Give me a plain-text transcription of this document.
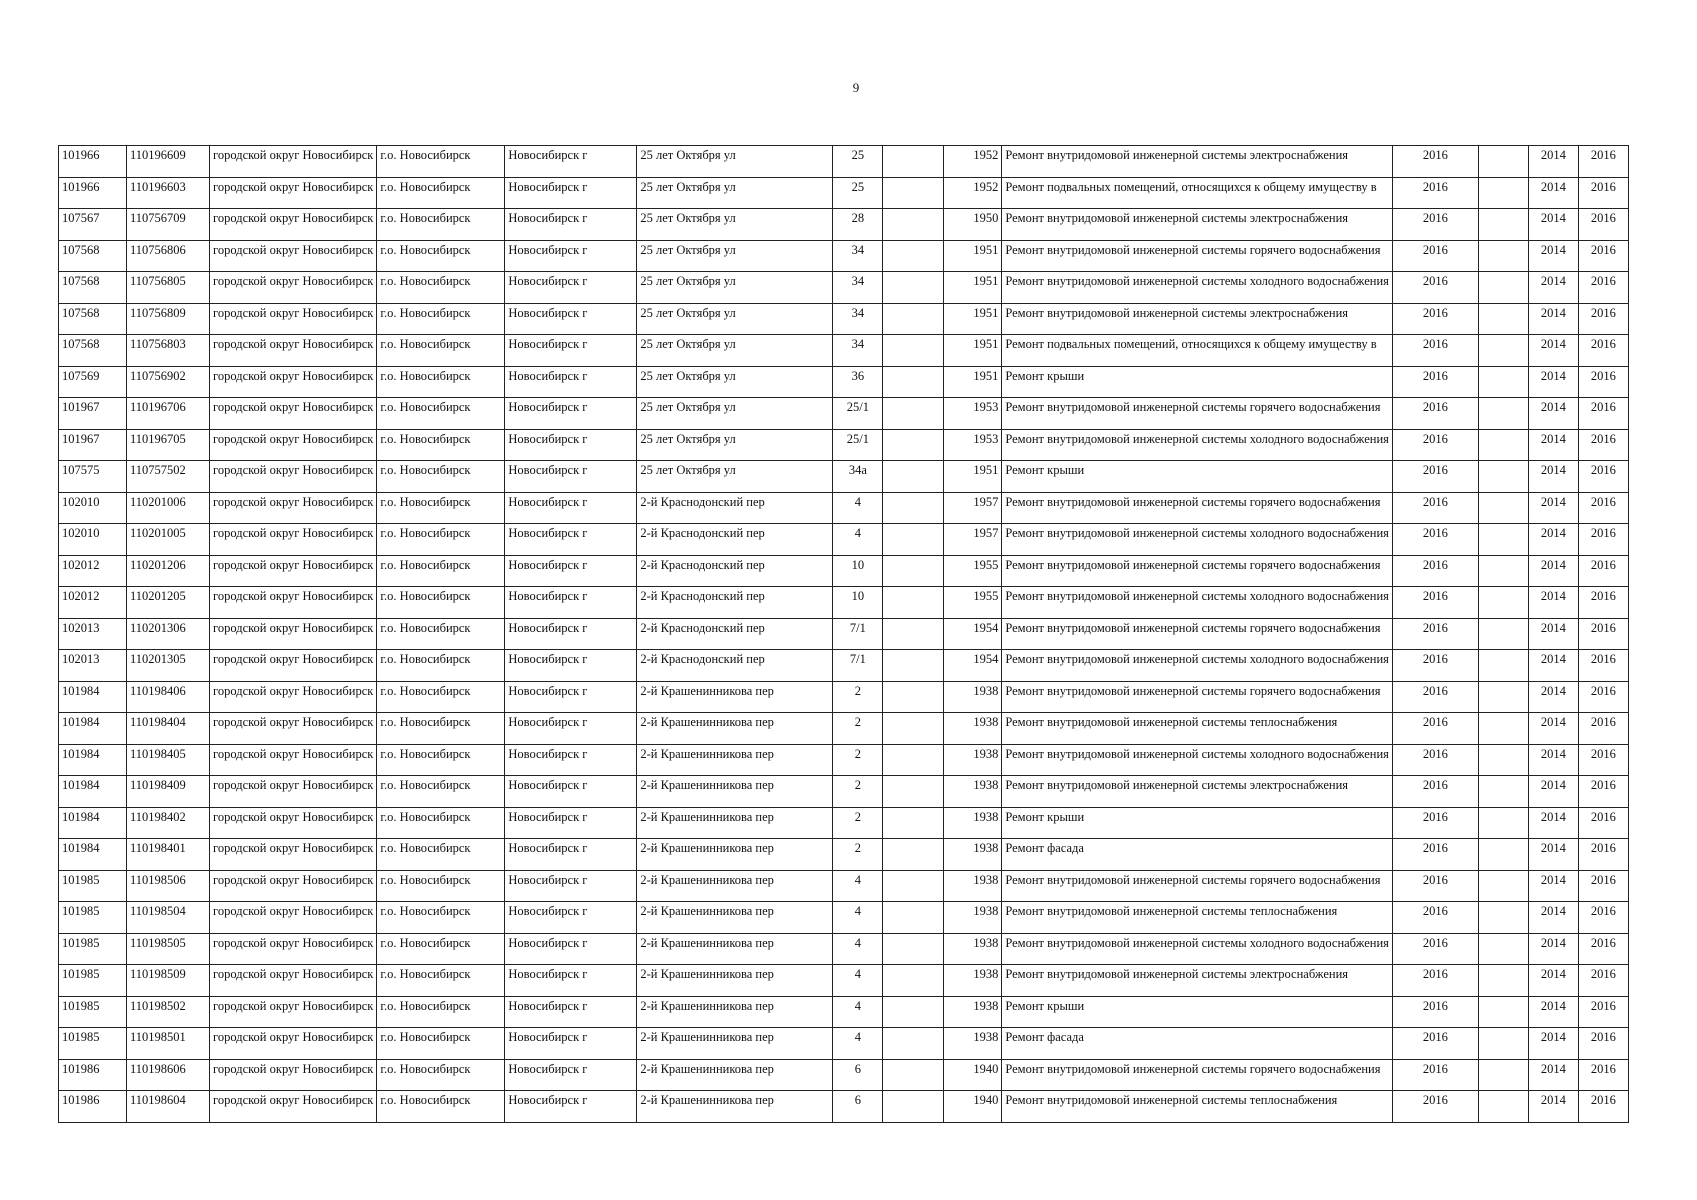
9
101966	110196609	городской округ Новосибирск	г.о. Новосибирск	Новосибирск г	25 лет Октября ул	25		1952	Ремонт внутридомовой инженерной системы электроснабжения	2016		2014	2016
101966	110196603	городской округ Новосибирск	г.о. Новосибирск	Новосибирск г	25 лет Октября ул	25		1952	Ремонт подвальных помещений, относящихся к общему имуществу в	2016		2014	2016
107567	110756709	городской округ Новосибирск	г.о. Новосибирск	Новосибирск г	25 лет Октября ул	28		1950	Ремонт внутридомовой инженерной системы электроснабжения	2016		2014	2016
107568	110756806	городской округ Новосибирск	г.о. Новосибирск	Новосибирск г	25 лет Октября ул	34		1951	Ремонт внутридомовой инженерной системы горячего водоснабжения	2016		2014	2016
107568	110756805	городской округ Новосибирск	г.о. Новосибирск	Новосибирск г	25 лет Октября ул	34		1951	Ремонт внутридомовой инженерной системы холодного водоснабжения	2016		2014	2016
107568	110756809	городской округ Новосибирск	г.о. Новосибирск	Новосибирск г	25 лет Октября ул	34		1951	Ремонт внутридомовой инженерной системы электроснабжения	2016		2014	2016
107568	110756803	городской округ Новосибирск	г.о. Новосибирск	Новосибирск г	25 лет Октября ул	34		1951	Ремонт подвальных помещений, относящихся к общему имуществу в	2016		2014	2016
107569	110756902	городской округ Новосибирск	г.о. Новосибирск	Новосибирск г	25 лет Октября ул	36		1951	Ремонт крыши	2016		2014	2016
101967	110196706	городской округ Новосибирск	г.о. Новосибирск	Новосибирск г	25 лет Октября ул	25/1		1953	Ремонт внутридомовой инженерной системы горячего водоснабжения	2016		2014	2016
101967	110196705	городской округ Новосибирск	г.о. Новосибирск	Новосибирск г	25 лет Октября ул	25/1		1953	Ремонт внутридомовой инженерной системы холодного водоснабжения	2016		2014	2016
107575	110757502	городской округ Новосибирск	г.о. Новосибирск	Новосибирск г	25 лет Октября ул	34а		1951	Ремонт крыши	2016		2014	2016
102010	110201006	городской округ Новосибирск	г.о. Новосибирск	Новосибирск г	2-й Краснодонский пер	4		1957	Ремонт внутридомовой инженерной системы горячего водоснабжения	2016		2014	2016
102010	110201005	городской округ Новосибирск	г.о. Новосибирск	Новосибирск г	2-й Краснодонский пер	4		1957	Ремонт внутридомовой инженерной системы холодного водоснабжения	2016		2014	2016
102012	110201206	городской округ Новосибирск	г.о. Новосибирск	Новосибирск г	2-й Краснодонский пер	10		1955	Ремонт внутридомовой инженерной системы горячего водоснабжения	2016		2014	2016
102012	110201205	городской округ Новосибирск	г.о. Новосибирск	Новосибирск г	2-й Краснодонский пер	10		1955	Ремонт внутридомовой инженерной системы холодного водоснабжения	2016		2014	2016
102013	110201306	городской округ Новосибирск	г.о. Новосибирск	Новосибирск г	2-й Краснодонский пер	7/1		1954	Ремонт внутридомовой инженерной системы горячего водоснабжения	2016		2014	2016
102013	110201305	городской округ Новосибирск	г.о. Новосибирск	Новосибирск г	2-й Краснодонский пер	7/1		1954	Ремонт внутридомовой инженерной системы холодного водоснабжения	2016		2014	2016
101984	110198406	городской округ Новосибирск	г.о. Новосибирск	Новосибирск г	2-й Крашенинникова пер	2		1938	Ремонт внутридомовой инженерной системы горячего водоснабжения	2016		2014	2016
101984	110198404	городской округ Новосибирск	г.о. Новосибирск	Новосибирск г	2-й Крашенинникова пер	2		1938	Ремонт внутридомовой инженерной системы теплоснабжения	2016		2014	2016
101984	110198405	городской округ Новосибирск	г.о. Новосибирск	Новосибирск г	2-й Крашенинникова пер	2		1938	Ремонт внутридомовой инженерной системы холодного водоснабжения	2016		2014	2016
101984	110198409	городской округ Новосибирск	г.о. Новосибирск	Новосибирск г	2-й Крашенинникова пер	2		1938	Ремонт внутридомовой инженерной системы электроснабжения	2016		2014	2016
101984	110198402	городской округ Новосибирск	г.о. Новосибирск	Новосибирск г	2-й Крашенинникова пер	2		1938	Ремонт крыши	2016		2014	2016
101984	110198401	городской округ Новосибирск	г.о. Новосибирск	Новосибирск г	2-й Крашенинникова пер	2		1938	Ремонт фасада	2016		2014	2016
101985	110198506	городской округ Новосибирск	г.о. Новосибирск	Новосибирск г	2-й Крашенинникова пер	4		1938	Ремонт внутридомовой инженерной системы горячего водоснабжения	2016		2014	2016
101985	110198504	городской округ Новосибирск	г.о. Новосибирск	Новосибирск г	2-й Крашенинникова пер	4		1938	Ремонт внутридомовой инженерной системы теплоснабжения	2016		2014	2016
101985	110198505	городской округ Новосибирск	г.о. Новосибирск	Новосибирск г	2-й Крашенинникова пер	4		1938	Ремонт внутридомовой инженерной системы холодного водоснабжения	2016		2014	2016
101985	110198509	городской округ Новосибирск	г.о. Новосибирск	Новосибирск г	2-й Крашенинникова пер	4		1938	Ремонт внутридомовой инженерной системы электроснабжения	2016		2014	2016
101985	110198502	городской округ Новосибирск	г.о. Новосибирск	Новосибирск г	2-й Крашенинникова пер	4		1938	Ремонт крыши	2016		2014	2016
101985	110198501	городской округ Новосибирск	г.о. Новосибирск	Новосибирск г	2-й Крашенинникова пер	4		1938	Ремонт фасада	2016		2014	2016
101986	110198606	городской округ Новосибирск	г.о. Новосибирск	Новосибирск г	2-й Крашенинникова пер	6		1940	Ремонт внутридомовой инженерной системы горячего водоснабжения	2016		2014	2016
101986	110198604	городской округ Новосибирск	г.о. Новосибирск	Новосибирск г	2-й Крашенинникова пер	6		1940	Ремонт внутридомовой инженерной системы теплоснабжения	2016		2014	2016
